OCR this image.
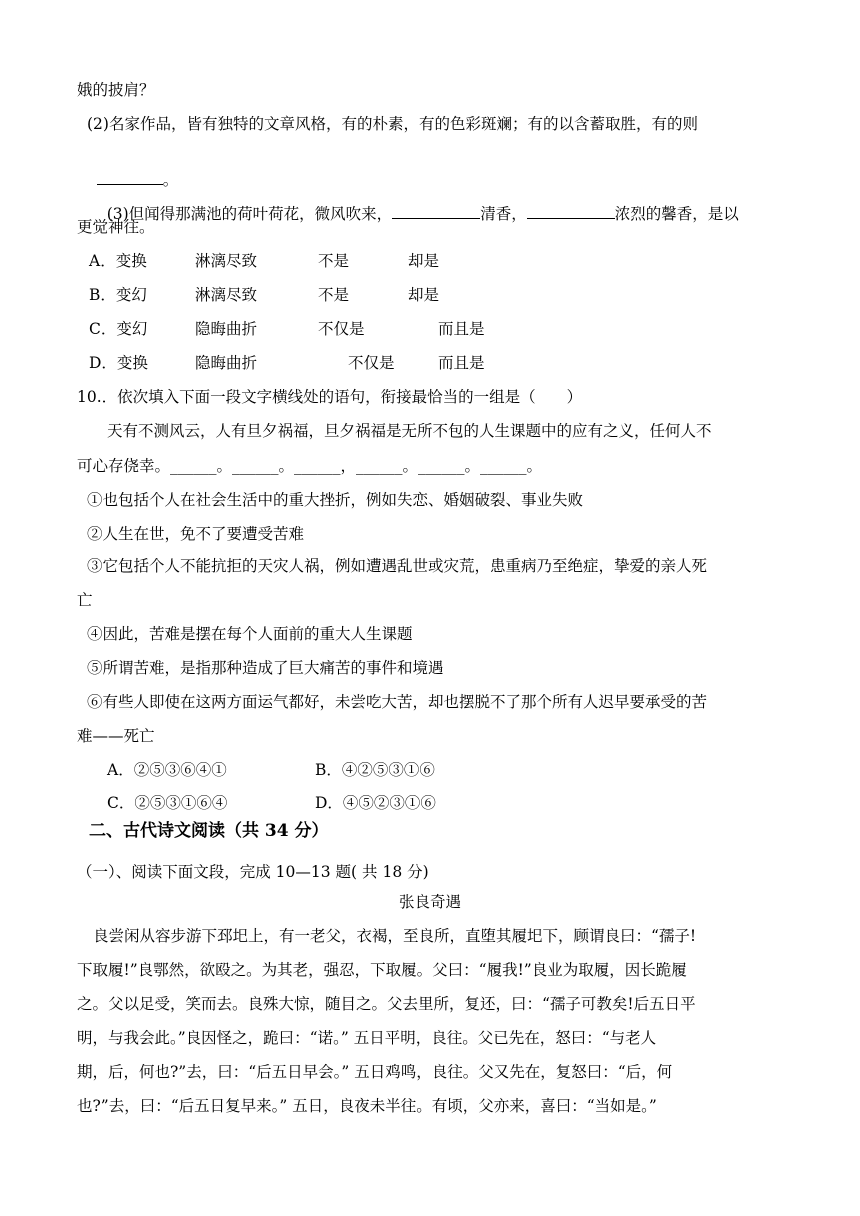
娥的披肩？
(2)名家作品，皆有独特的文章风格，有的朴素，有的色彩斑斓；有的以含蓄取胜，有的则

。

(3)但闻得那满池的荷叶荷花，微风吹来，	清香，	浓烈的馨香，是以

更觉神往。
A．变换	淋漓尽致	不是	却是
B．变幻	淋漓尽致	不是	却是
C．变幻	隐晦曲折	不仅是	而且是
D．变换	隐晦曲折	不仅是	而且是
10.．依次填入下面一段文字横线处的语句，衔接最恰当的一组是（　　）
天有不测风云，人有旦夕祸福，旦夕祸福是无所不包的人生课题中的应有之义，任何人不
可心存侥幸。______。______。______，______。______。______。
①也包括个人在社会生活中的重大挫折，例如失恋、婚姻破裂、事业失败
②人生在世，免不了要遭受苦难
③它包括个人不能抗拒的天灾人祸，例如遭遇乱世或灾荒，患重病乃至绝症，挚爱的亲人死
亡
④因此，苦难是摆在每个人面前的重大人生课题
⑤所谓苦难，是指那种造成了巨大痛苦的事件和境遇
⑥有些人即使在这两方面运气都好，未尝吃大苦，却也摆脱不了那个所有人迟早要承受的苦
难——死亡
A．②⑤③⑥④①	B．④②⑤③①⑥
C．②⑤③①⑥④	D．④⑤②③①⑥
二、古代诗文阅读（共 34 分）
（一）、阅读下面文段，完成 10—13 题( 共 18 分)
张良奇遇
良尝闲从容步游下邳圯上，有一老父，衣褐，至良所，直堕其履圯下，顾谓良曰：“孺子!
下取履!”良鄂然，欲殴之。为其老，强忍，下取履。父曰：“履我!”良业为取履，因长跪履
之。父以足受，笑而去。良殊大惊，随目之。父去里所，复还，曰：“孺子可教矣!后五日平
明，与我会此。”良因怪之，跪曰：“诺。” 五日平明，良往。父已先在，怒曰：“与老人
期，后，何也?”去，曰：“后五日早会。” 五日鸡鸣，良往。父又先在，复怒曰：“后，何
也?”去，曰：“后五日复早来。” 五日，良夜未半往。有顷，父亦来，喜曰：“当如是。”
